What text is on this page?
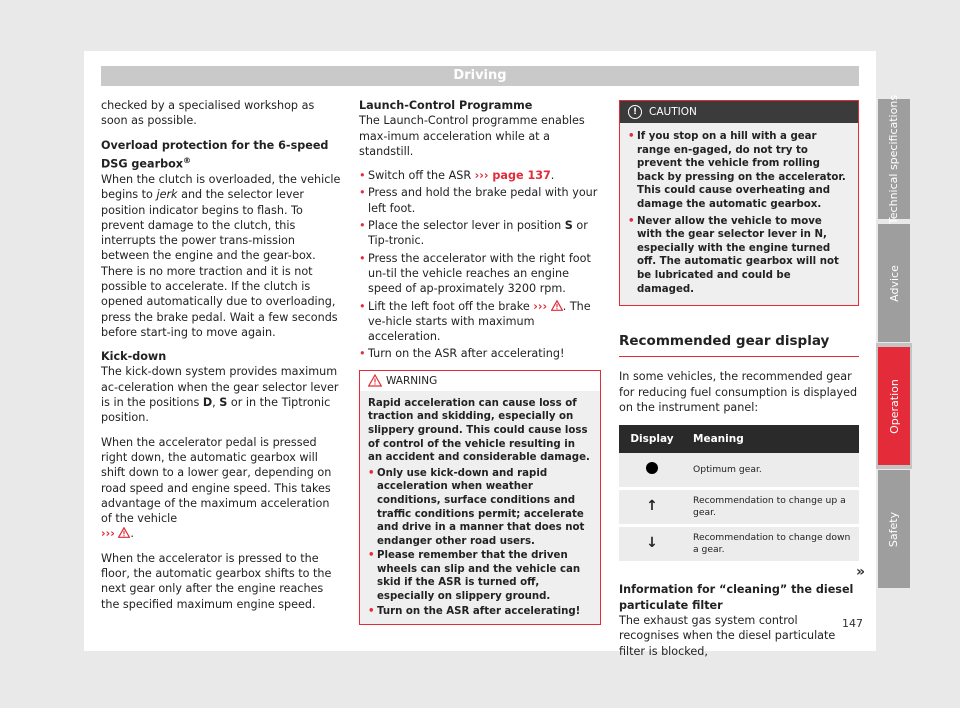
Driving

checked by a specialised workshop as soon as possible.

Overload protection for the 6-speed DSG gearbox®

When the clutch is overloaded, the vehicle begins to jerk and the selector lever position indicator begins to flash. To prevent damage to the clutch, this interrupts the power trans-mission between the engine and the gear-box. There is no more traction and it is not possible to accelerate. If the clutch is opened automatically due to overloading, press the brake pedal. Wait a few seconds before start-ing to move again.

Kick-down

The kick-down system provides maximum ac-celeration when the gear selector lever is in the positions D, S or in the Tiptronic position.

When the accelerator pedal is pressed right down, the automatic gearbox will shift down to a lower gear, depending on road speed and engine speed. This takes advantage of the maximum acceleration of the vehicle
››› .

When the accelerator is pressed to the floor, the automatic gearbox shifts to the next gear only after the engine reaches the specified maximum engine speed.

Launch-Control Programme

The Launch-Control programme enables max-imum acceleration while at a standstill.

• Switch off the ASR ››› page 137.
• Press and hold the brake pedal with your left foot.
• Place the selector lever in position S or Tip-tronic.
• Press the accelerator with the right foot un-til the vehicle reaches an engine speed of ap-proximately 3200 rpm.
• Lift the left foot off the brake ››› . The ve-hicle starts with maximum acceleration.
• Turn on the ASR after accelerating!
WARNING
Rapid acceleration can cause loss of traction and skidding, especially on slippery ground. This could cause loss of control of the vehicle resulting in an accident and considerable damage.
• Only use kick-down and rapid acceleration when weather conditions, surface conditions and traffic conditions permit; accelerate and drive in a manner that does not endanger other road users.
• Please remember that the driven wheels can slip and the vehicle can skid if the ASR is turned off, especially on slippery ground.
• Turn on the ASR after accelerating!
!	CAUTION
• If you stop on a hill with a gear range en-gaged, do not try to prevent the vehicle from rolling back by pressing on the accelerator. This could cause overheating and damage the automatic gearbox.
• Never allow the vehicle to move with the gear selector lever in N, especially with the engine turned off. The automatic gearbox will not be lubricated and could be damaged.
Recommended gear display

In some vehicles, the recommended gear for reducing fuel consumption is displayed on the instrument panel:

Display	Meaning
	Optimum gear.
↑	Recommendation to change up a gear.
↓	Recommendation to change down a gear.

Information for “cleaning” the diesel particulate filter

The exhaust gas system control recognises when the diesel particulate filter is blocked,

»
147
Technical specifications
Advice
Operation
Safety
